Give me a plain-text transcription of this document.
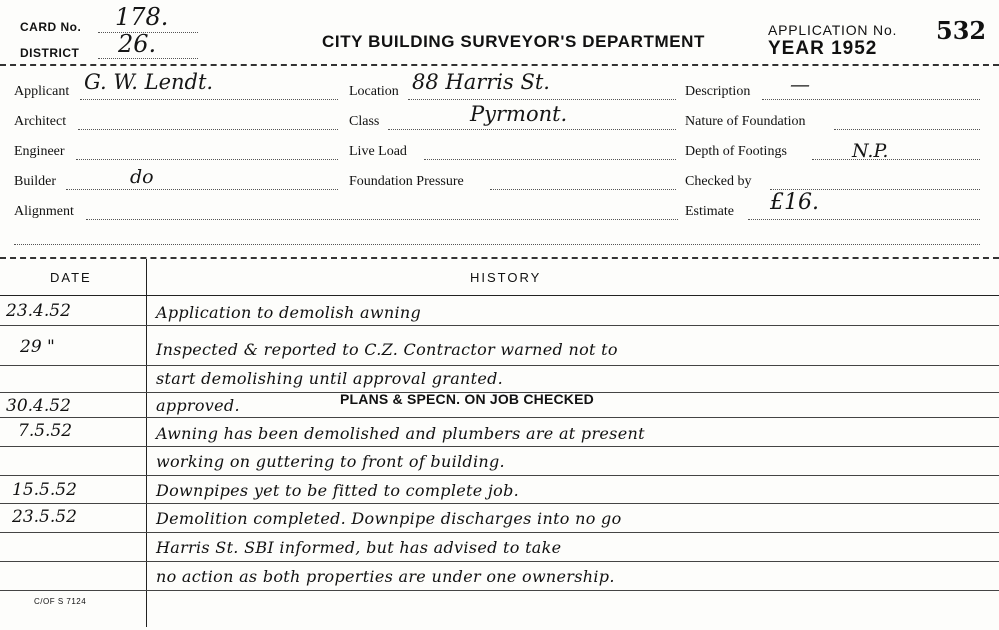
CARD No. 178.
DISTRICT 26.	CITY BUILDING SURVEYOR'S DEPARTMENT
APPLICATION No.
YEAR 1952
532
Applicant G. W. Lendt.
Architect
Engineer
Builder	do
Alignment
Location 88 Harris St.
Class	Pyrmont.
Live Load
Foundation Pressure
Description —
Nature of Foundation
Depth of Footings	N.P.
Checked by
Estimate £16.
DATE	HISTORY
23.4.52	Application to demolish awning
29 "	Inspected & reported to C.Z. Contractor warned not to
start demolishing until approval granted.
30.4.52	approved.	PLANS & SPECN. ON JOB CHECKED
7.5.52	Awning has been demolished and plumbers are at present
working on guttering to front of building.
15.5.52	Downpipes yet to be fitted to complete job.
23.5.52	Demolition completed. Downpipe discharges into no go
Harris St. SBI informed, but has advised to take
no action as both properties are under one ownership.
C/OF S 7124
